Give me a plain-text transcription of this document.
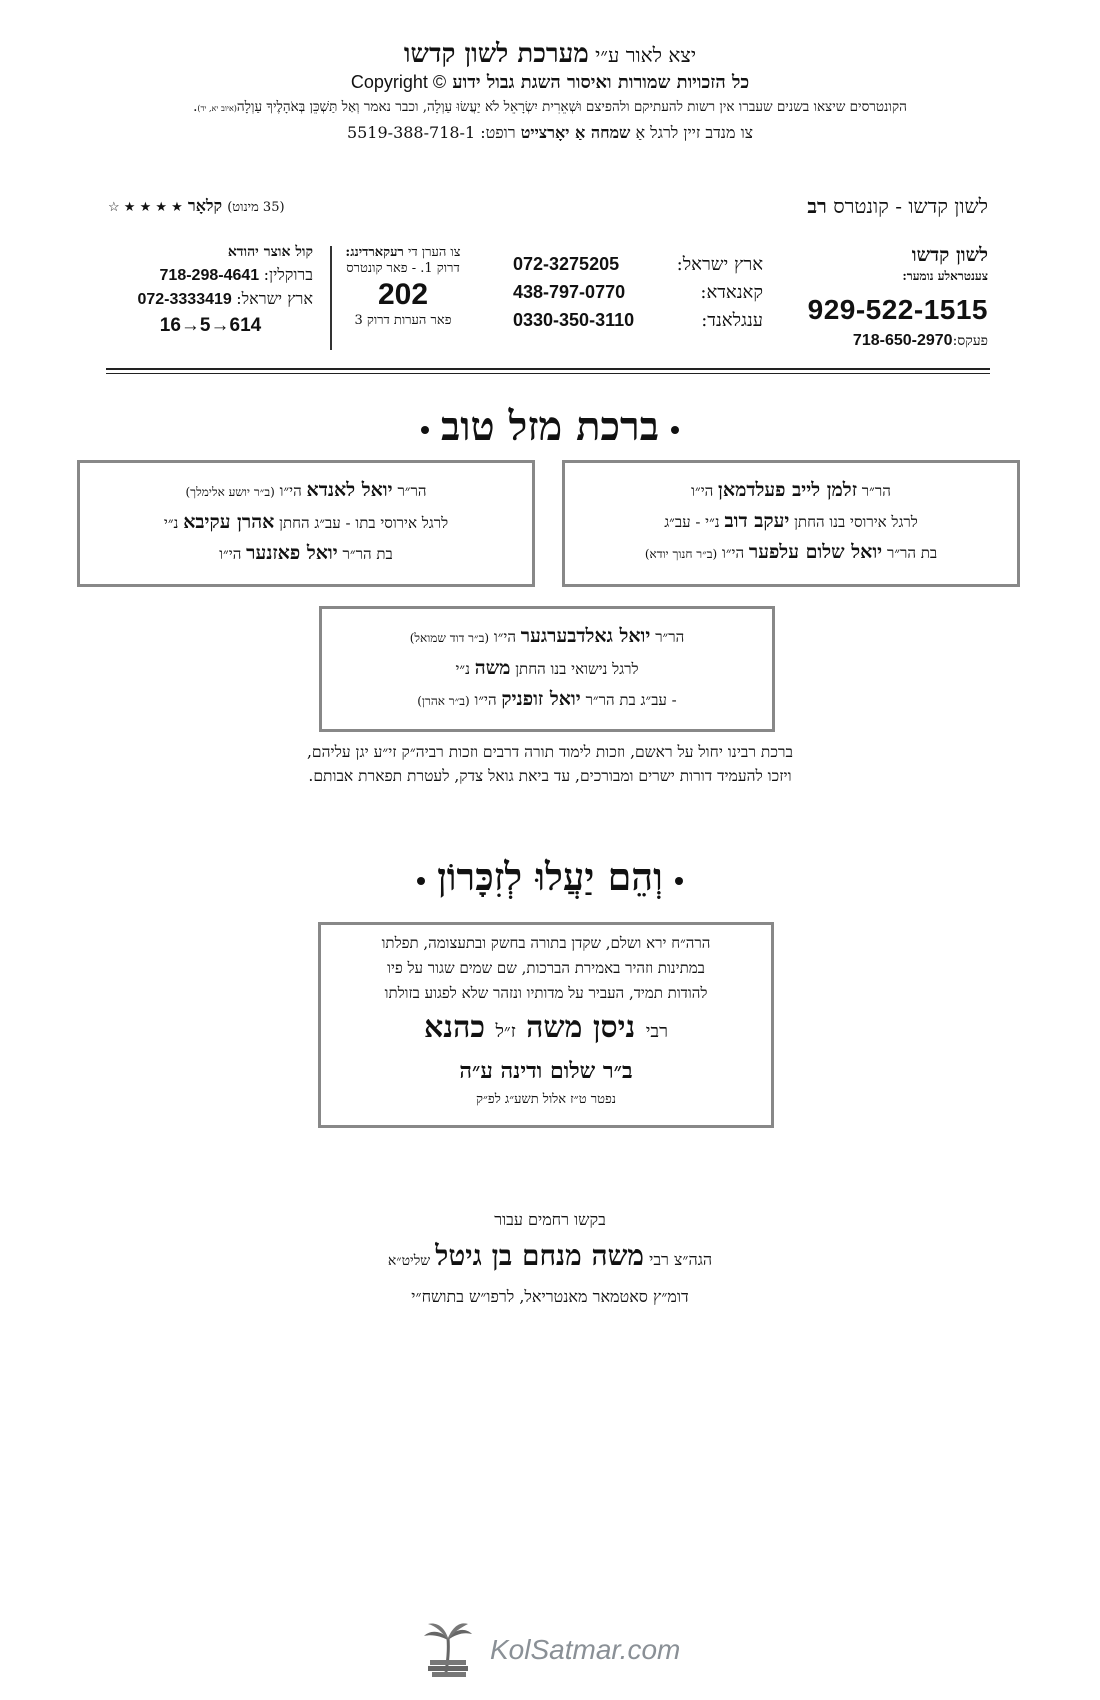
יצא לאור ע״י מערכת לשון קדשו
כל הזכויות שמורות ואיסור השגת גבול ידוע Copyright ©
הקונטרסים שיצאו בשנים שעברו אין רשות להעתיקם ולהפיצם וּשְׁאֵרִית יִשְׂרָאֵל לֹא יַעֲשׂוּ עַוְלָה, וכבר נאמר וְאַל תַּשְׁכֵּן בְּאֹהָלֶיךָ עַוְלָה(איוב יא, יד).
צו מנדב זיין לרגל אַ שמחה אַ יאָרצייט רופט: 5519-388-718-1
לשון קדשו - קונטרס רב
(35 מינוט) קלאָר ★ ★ ★ ★ ☆
לשון קדשו
צענטראלע נומער:
929-522-1515
פעקס:718-650-2970
ארץ ישראל:
072-3275205
קאנאדא:
438-797-0770
ענגלאנד:
0330-350-3110
צו הערן די רעקארדינג:
דרוק 1. - פאר קונטרס
202
פאר הערות דרוק 3
קול אוצר יהודא
ברוקלין: 718-298-4641
ארץ ישראל: 072-3333419
16→5→614
ברכת מזל טוב
הר״ר זלמן לייב פעלדמאן הי״ו
לרגל אירוסי בנו החתן יעקב דוב נ״י - עב״ג
בת הר״ר יואל שלום עלפער הי״ו (ב״ר חנוך יודא)
הר״ר יואל לאנדא הי״ו (ב״ר יושע אלימלך)
לרגל אירוסי בתו - עב״ג החתן אהרן עקיבא נ״י
בת הר״ר יואל פאזנער הי״ו
הר״ר יואל גאלדבערגער הי״ו (ב״ר דוד שמואל)
לרגל נישואי בנו החתן משה נ״י
- עב״ג בת הר״ר יואל זופניק הי״ו (ב״ר אהרן)
ברכת רבינו יחול על ראשם, וזכות לימוד תורה דרבים וזכות רביה״ק זי״ע יגן עליהם,
ויזכו להעמיד דורות ישרים ומבורכים, עד ביאת גואל צדק, לעטרת תפארת אבותם.
וְהֵם יַעֲלוּ לְזִכָּרוֹן
הרה״ח ירא ושלם, שקדן בתורה בחשק ובתעצומה, תפלתו
במתינות וזהיר באמירת הברכות, שם שמים שגור על פיו
להודות תמיד, העביר על מדותיו ונזהר שלא לפגוע בזולתו
רבי ניסן משה ז״ל כהנא
ב״ר שלום ודינה ע״ה
נפטר ט״ז אלול תשע״ג לפ״ק
בקשו רחמים עבור
הגה״צ רבי משה מנחם בן גיטל שליט״א
דומ״ץ סאטמאר מאנטריאל, לרפו״ש בתושח״י
KolSatmar.com
